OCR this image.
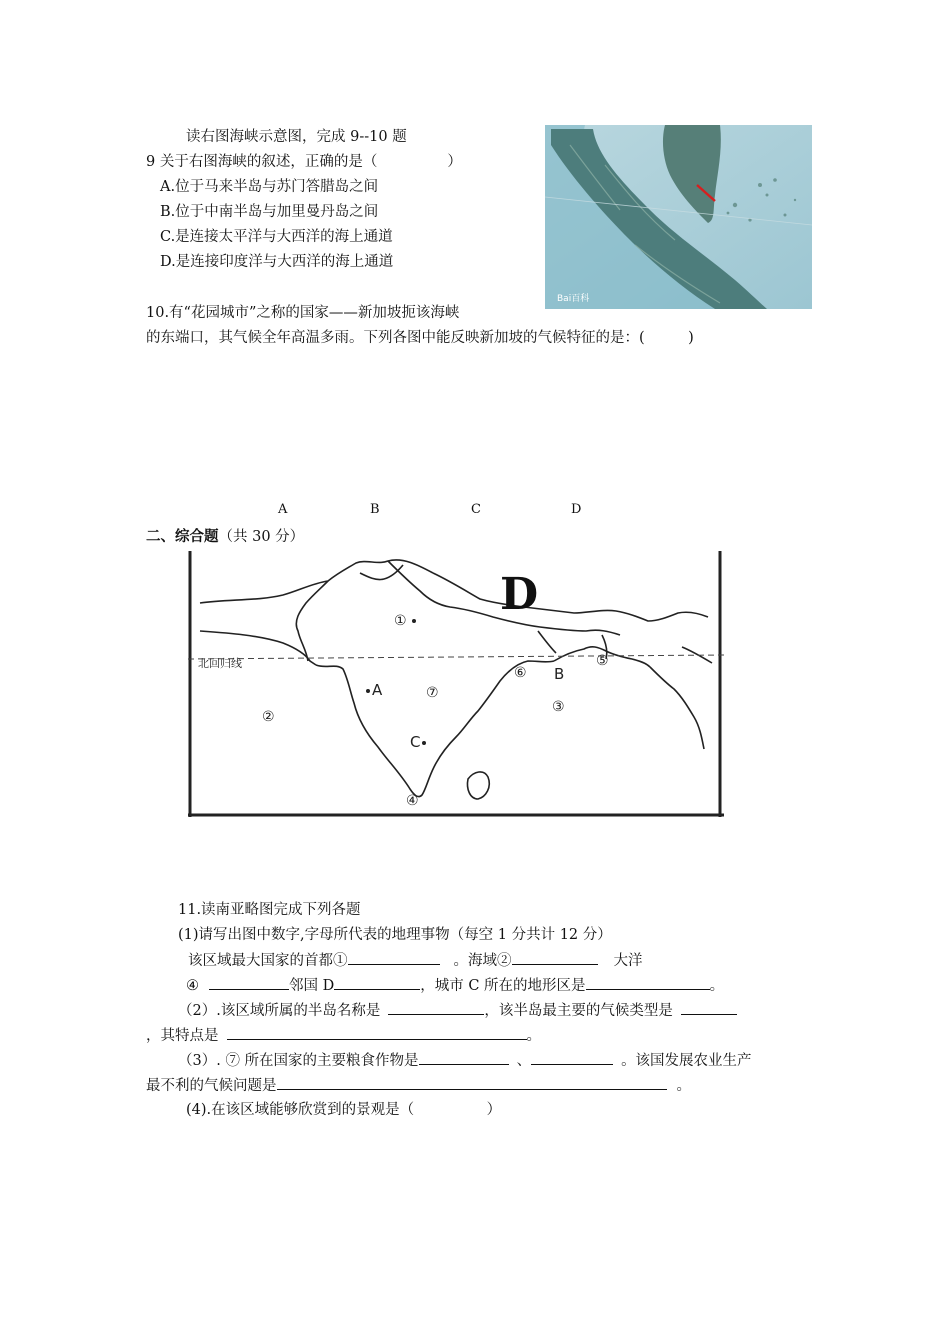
读右图海峡示意图，完成 9--10 题
9 关于右图海峡的叙述，正确的是（	）
A.位于马来半岛与苏门答腊岛之间
B.位于中南半岛与加里曼丹岛之间
C.是连接太平洋与大西洋的海上通道
D.是连接印度洋与大西洋的海上通道
Bai百科
10.有“花园城市”之称的国家——新加坡扼该海峡
的东端口，其气候全年高温多雨。下列各图中能反映新加坡的气候特征的是：(　　　)
A	B	C	D
二、综合题（共 30 分）
北回归线
D
①
②
③
④
⑤
⑥
⑦
A
B
C
11.读南亚略图完成下列各题
(1)请写出图中数字,字母所代表的地理事物（每空 1 分共计 12 分）
该区域最大国家的首都①	。海域②	大洋
④	邻国 D	，城市 C 所在的地形区是	。
（2）.该区域所属的半岛名称是	，该半岛最主要的气候类型是
，其特点是	。
（3）. ⑦ 所在国家的主要粮食作物是	、	。该国发展农业生产
最不利的气候问题是	。
(4).在该区域能够欣赏到的景观是（　　　　　）
